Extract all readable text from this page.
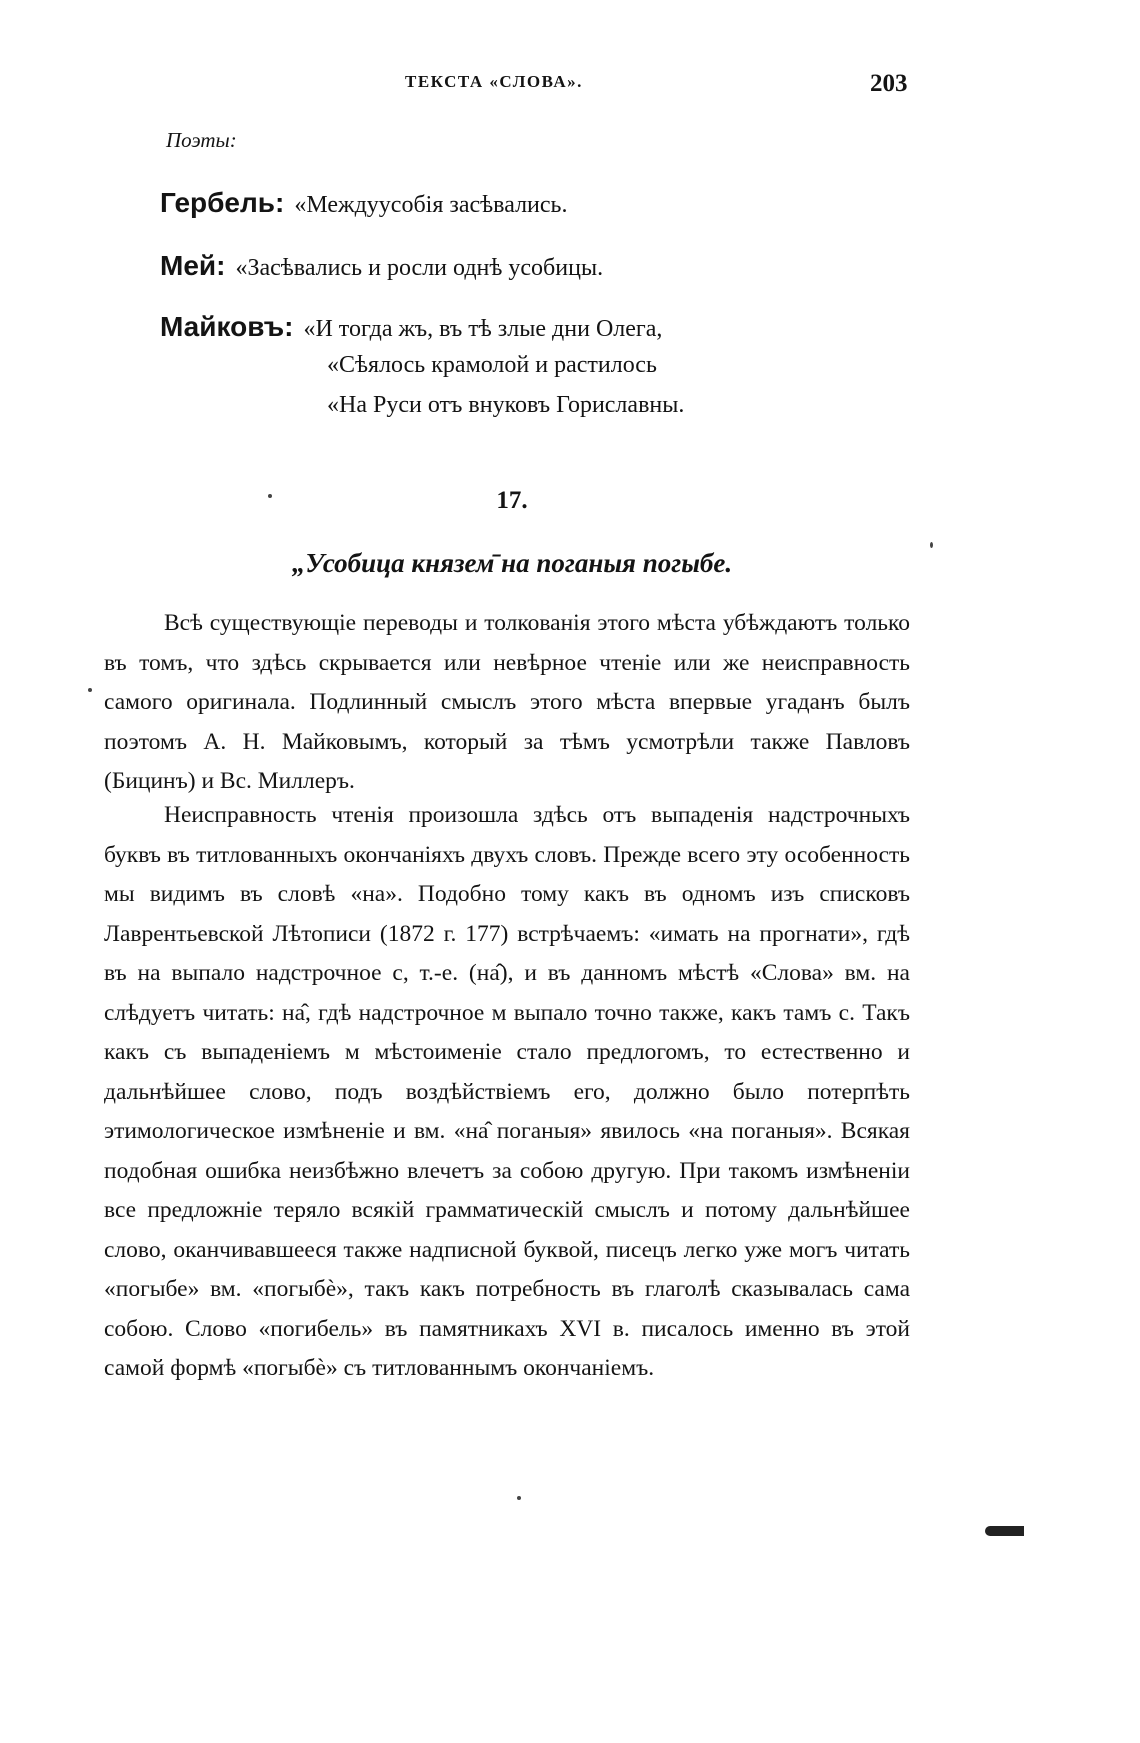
ТЕКСТА «СЛОВА».	203
Поэты:
Гербель: «Междуусобія засѣвались.
Мей: «Засѣвались и росли однѣ усобицы.
Майковъ: «И тогда жъ, въ тѣ злые дни Олега,
«Сѣялось крамолой и растилось
«На Руси отъ внуковъ Гориславны.
17.
„Усобица князем̄ на поганыя погыбе.

Всѣ существующіе переводы и толкованія этого мѣста убѣждаютъ только въ томъ, что здѣсь скрывается или невѣрное чтеніе или же неисправность самого оригинала. Подлинный смыслъ этого мѣста впервые угаданъ былъ поэтомъ А. Н. Майковымъ, который за тѣмъ усмотрѣли также Павловъ (Бицинъ) и Вс. Миллеръ.

Неисправность чтенія произошла здѣсь отъ выпаденія надстрочныхъ буквъ въ титлованныхъ окончаніяхъ двухъ словъ. Прежде всего эту особенность мы видимъ въ словѣ «на». Подобно тому какъ въ одномъ изъ списковъ Лаврентьевской Лѣтописи (1872 г. 177) встрѣчаемъ: «имать на прогнати», гдѣ въ на выпало надстрочное с, т.-е. (на̂), и въ данномъ мѣстѣ «Слова» вм. на слѣдуетъ читать: на̂, гдѣ надстрочное м выпало точно также, какъ тамъ с. Такъ какъ съ выпаденіемъ м мѣстоименіе стало предлогомъ, то естественно и дальнѣйшее слово, подъ воздѣйствіемъ его, должно было потерпѣть этимологическое измѣненіе и вм. «на̂ поганыя» явилось «на поганыя». Всякая подобная ошибка неизбѣжно влечетъ за собою другую. При такомъ измѣненіи все предложніе теряло всякій грамматическій смыслъ и потому дальнѣйшее слово, оканчивавшееся также надписной буквой, писецъ легко уже могъ читать «погыбе» вм. «погыбѐ», такъ какъ потребность въ глаголѣ сказывалась сама собою. Слово «погибель» въ памятникахъ XVI в. писалось именно въ этой самой формѣ «погыбѐ» съ титлованнымъ окончаніемъ.
